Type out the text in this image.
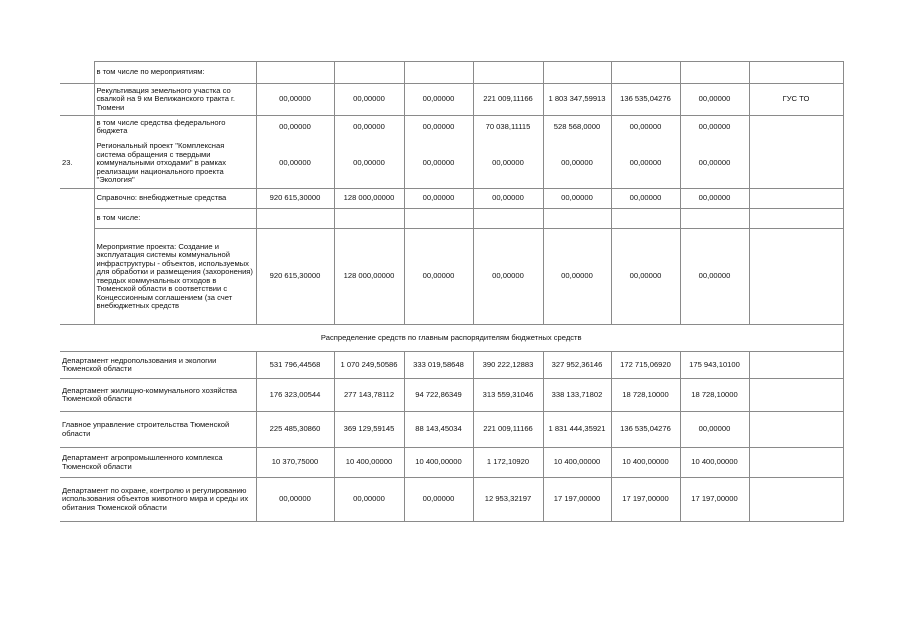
	в том числе по мероприятиям:								
	Рекультивация земельного участка со свалкой на 9 км Велижанского тракта г. Тюмени	00,00000	00,00000	00,00000	221 009,11166	1 803 347,59913	136 535,04276	00,00000	ГУС ТО
	в том числе средства федерального бюджета	00,00000	00,00000	00,00000	70 038,11115	528 568,0000	00,00000	00,00000	
23.	Региональный проект "Комплексная система обращения с твердыми коммунальными отходами" в рамках реализации национального проекта "Экология"	00,00000	00,00000	00,00000	00,00000	00,00000	00,00000	00,00000	
	Справочно: внебюджетные средства	920 615,30000	128 000,00000	00,00000	00,00000	00,00000	00,00000	00,00000	
	в том числе:								
	Мероприятие проекта: Создание и эксплуатация системы коммунальной инфраструктуры - объектов, используемых для обработки и размещения (захоронения) твердых коммунальных отходов в Тюменской области в соответствии с Концессионным соглашением (за счет внебюджетных средств	920 615,30000	128 000,00000	00,00000	00,00000	00,00000	00,00000	00,00000	
Распределение средств по главным распорядителям бюджетных средств									
Департамент недропользования и экологии Тюменской области		531 796,44568	1 070 249,50586	333 019,58648	390 222,12883	327 952,36146	172 715,06920	175 943,10100	
Департамент жилищно-коммунального хозяйства Тюменской области		176 323,00544	277 143,78112	94 722,86349	313 559,31046	338 133,71802	18 728,10000	18 728,10000	
Главное управление строительства Тюменской области		225 485,30860	369 129,59145	88 143,45034	221 009,11166	1 831 444,35921	136 535,04276	00,00000	
Департамент агропромышленного комплекса Тюменской области		10 370,75000	10 400,00000	10 400,00000	1 172,10920	10 400,00000	10 400,00000	10 400,00000	
Департамент по охране, контролю и регулированию использования объектов животного мира и среды их обитания Тюменской области		00,00000	00,00000	00,00000	12 953,32197	17 197,00000	17 197,00000	17 197,00000	
